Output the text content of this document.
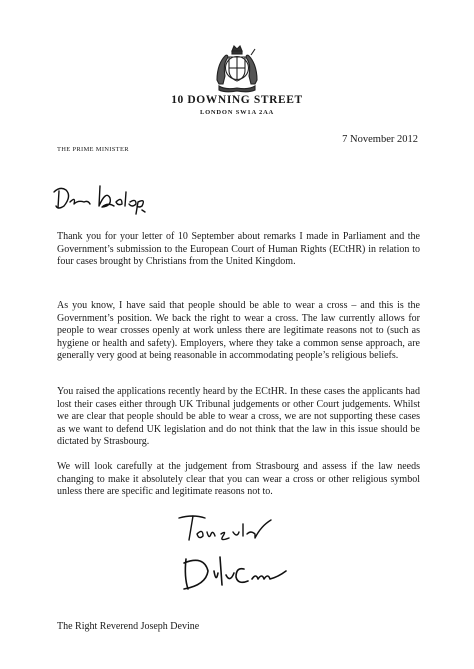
10 DOWNING STREET
LONDON SW1A 2AA
THE PRIME MINISTER
7 November 2012

Thank you for your letter of 10 September about remarks I made in Parliament and the Government’s submission to the European Court of Human Rights (ECtHR) in relation to four cases brought by Christians from the United Kingdom.

As you know, I have said that people should be able to wear a cross – and this is the Government’s position. We back the right to wear a cross. The law currently allows for people to wear crosses openly at work unless there are legitimate reasons not to (such as hygiene or health and safety). Employers, where they take a common sense approach, are generally very good at being reasonable in accommodating people’s religious beliefs.

You raised the applications recently heard by the ECtHR. In these cases the applicants had lost their cases either through UK Tribunal judgements or other Court judgements. Whilst we are clear that people should be able to wear a cross, we are not supporting these cases as we want to defend UK legislation and do not think that the law in this issue should be dictated by Strasbourg.

We will look carefully at the judgement from Strasbourg and assess if the law needs changing to make it absolutely clear that you can wear a cross or other religious symbol unless there are specific and legitimate reasons not to.

The Right Reverend Joseph Devine
